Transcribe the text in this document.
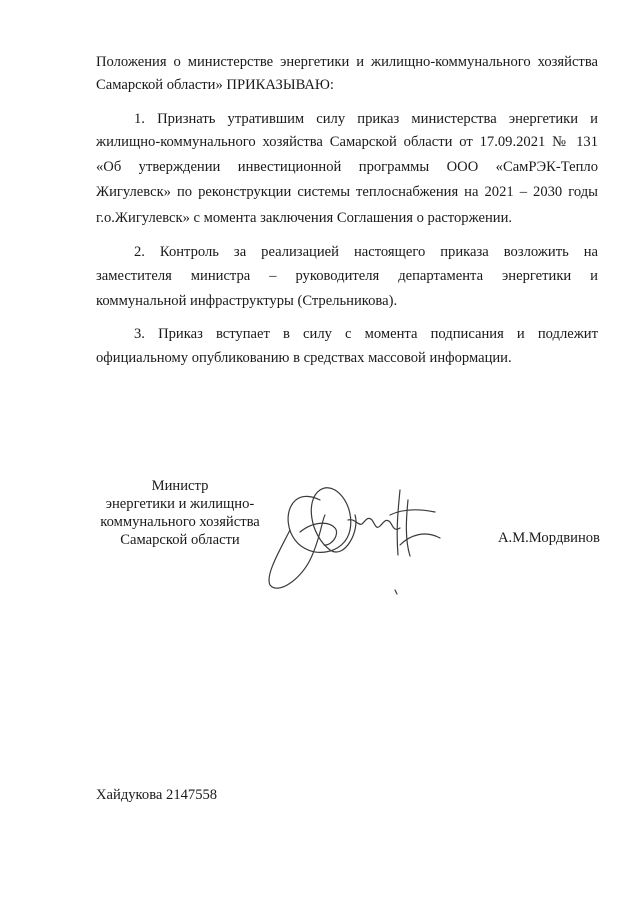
Положения о министерстве энергетики и жилищно-коммунального хозяйства
Самарской области» ПРИКАЗЫВАЮ:
1. Признать утратившим силу приказ министерства энергетики и
жилищно-коммунального хозяйства Самарской области от 17.09.2021 № 131
«Об утверждении инвестиционной программы ООО «СамРЭК-Тепло
Жигулевск» по реконструкции системы теплоснабжения на 2021 – 2030 годы
г.о.Жигулевск» с момента заключения Соглашения о расторжении.
2. Контроль за реализацией настоящего приказа возложить на
заместителя министра – руководителя департамента энергетики и
коммунальной инфраструктуры (Стрельникова).
3. Приказ вступает в силу с момента подписания и подлежит
официальному опубликованию в средствах массовой информации.
Министр
энергетики и жилищно-
коммунального хозяйства
Самарской области	А.М.Мордвинов
Хайдукова 2147558
